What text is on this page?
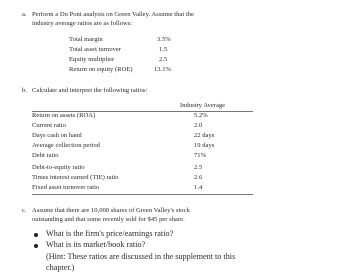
a. Perform a Du Pont analysis on Green Valley. Assume that the
industry average ratios are as follows:
Total margin	3.5%
Total asset turnover	1.5
Equity multiplier	2.5
Return on equity (ROE)	13.1%
b. Calculate and interpret the following ratios:
Industry Average
Return on assets (ROA)	5.2%
Current ratio	2.0
Days cash on hand	22 days
Average collection period	19 days
Debt ratio	71%
Debt-to-equity ratio	2.5
Times interest earned (TIE) ratio	2.6
Fixed asset turnover ratio	1.4
c. Assume that there are 10,000 shares of Green Valley's stock
outstanding and that some recently sold for $45 per share.
What is the firm's price/earnings ratio?
What is its market/book ratio?
(Hint: These ratios are discussed in the supplement to this
chapter.)
